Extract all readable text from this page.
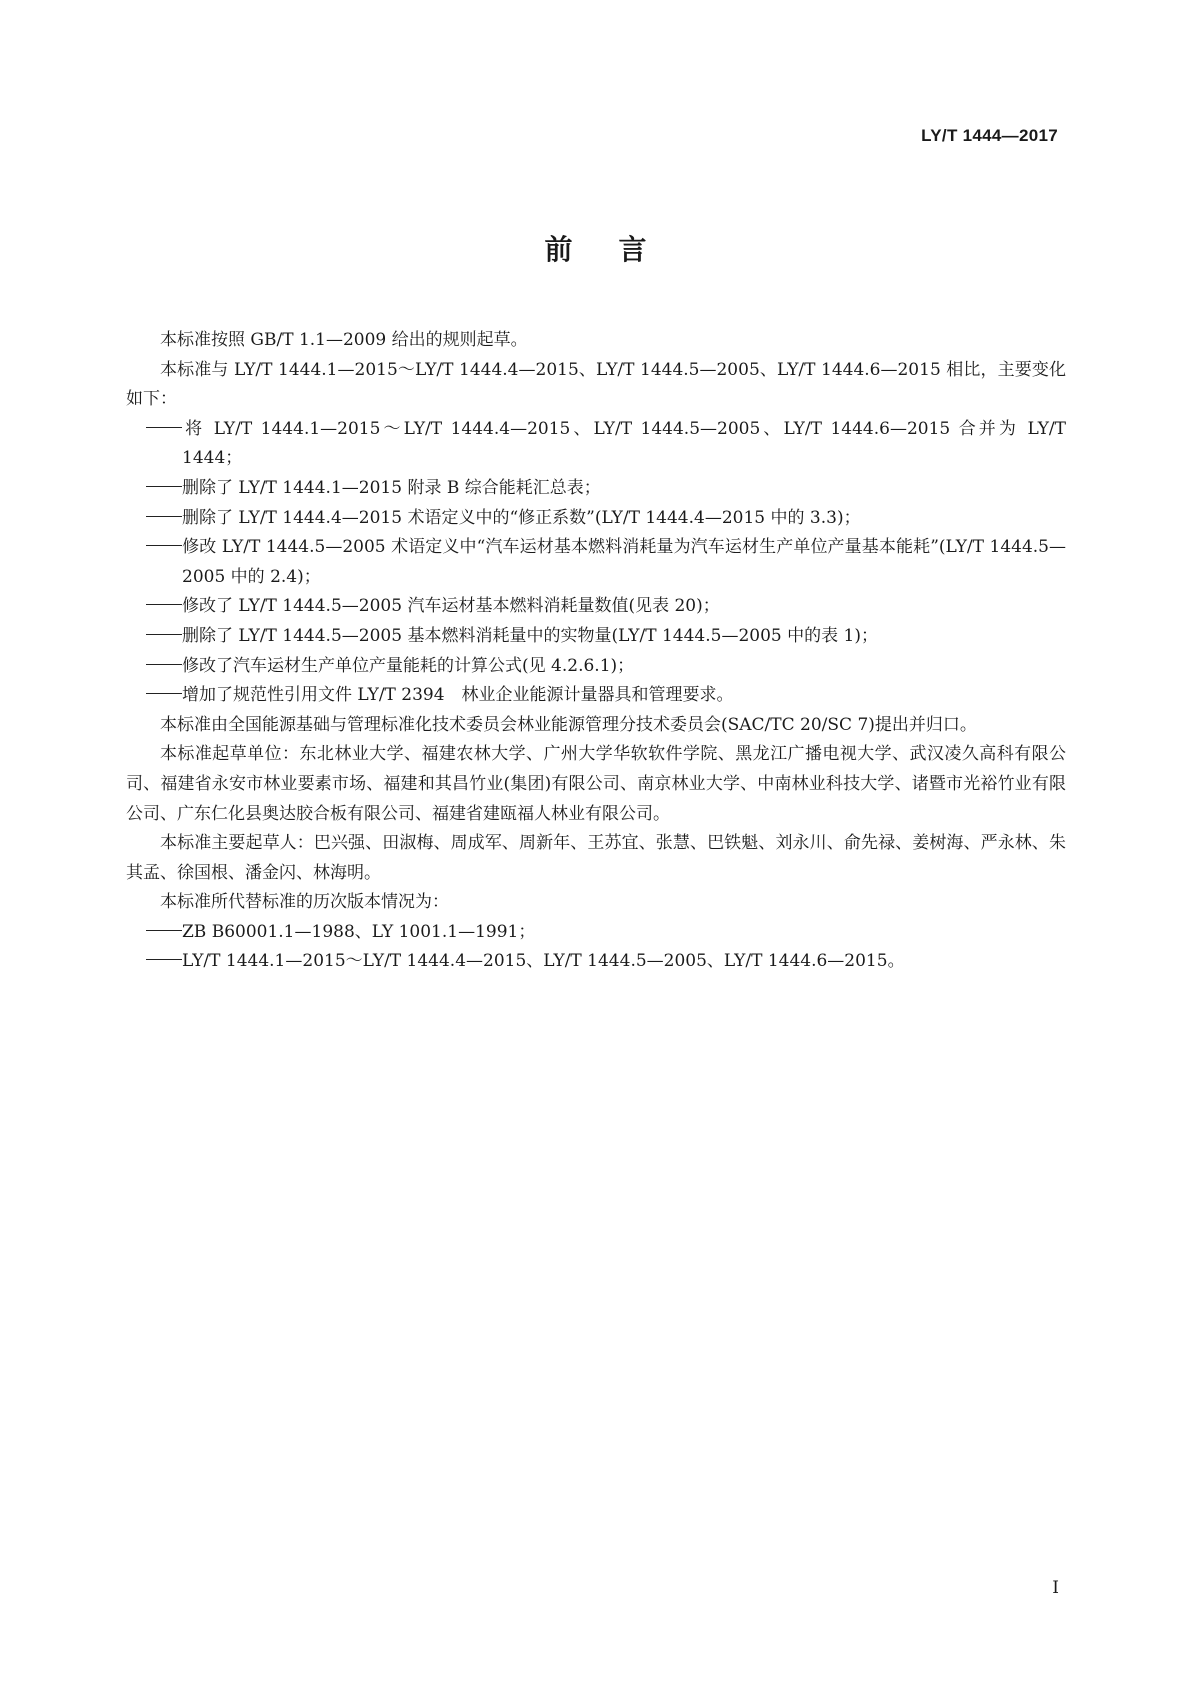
LY/T 1444—2017
前言

本标准按照 GB/T 1.1—2009 给出的规则起草。

本标准与 LY/T 1444.1—2015～LY/T 1444.4—2015、LY/T 1444.5—2005、LY/T 1444.6—2015 相比，主要变化如下：

将 LY/T 1444.1—2015～LY/T 1444.4—2015、LY/T 1444.5—2005、LY/T 1444.6—2015 合并为 LY/T 1444；

删除了 LY/T 1444.1—2015 附录 B 综合能耗汇总表；

删除了 LY/T 1444.4—2015 术语定义中的“修正系数”(LY/T 1444.4—2015 中的 3.3)；

修改 LY/T 1444.5—2005 术语定义中“汽车运材基本燃料消耗量为汽车运材生产单位产量基本能耗”(LY/T 1444.5—2005 中的 2.4)；

修改了 LY/T 1444.5—2005 汽车运材基本燃料消耗量数值(见表 20)；

删除了 LY/T 1444.5—2005 基本燃料消耗量中的实物量(LY/T 1444.5—2005 中的表 1)；

修改了汽车运材生产单位产量能耗的计算公式(见 4.2.6.1)；

增加了规范性引用文件 LY/T 2394　林业企业能源计量器具和管理要求。

本标准由全国能源基础与管理标准化技术委员会林业能源管理分技术委员会(SAC/TC 20/SC 7)提出并归口。

本标准起草单位：东北林业大学、福建农林大学、广州大学华软软件学院、黑龙江广播电视大学、武汉凌久高科有限公司、福建省永安市林业要素市场、福建和其昌竹业(集团)有限公司、南京林业大学、中南林业科技大学、诸暨市光裕竹业有限公司、广东仁化县奥达胶合板有限公司、福建省建瓯福人林业有限公司。

本标准主要起草人：巴兴强、田淑梅、周成军、周新年、王苏宜、张慧、巴铁魁、刘永川、俞先禄、姜树海、严永林、朱其孟、徐国根、潘金闪、林海明。

本标准所代替标准的历次版本情况为：

ZB B60001.1—1988、LY 1001.1—1991；

LY/T 1444.1—2015～LY/T 1444.4—2015、LY/T 1444.5—2005、LY/T 1444.6—2015。

I
